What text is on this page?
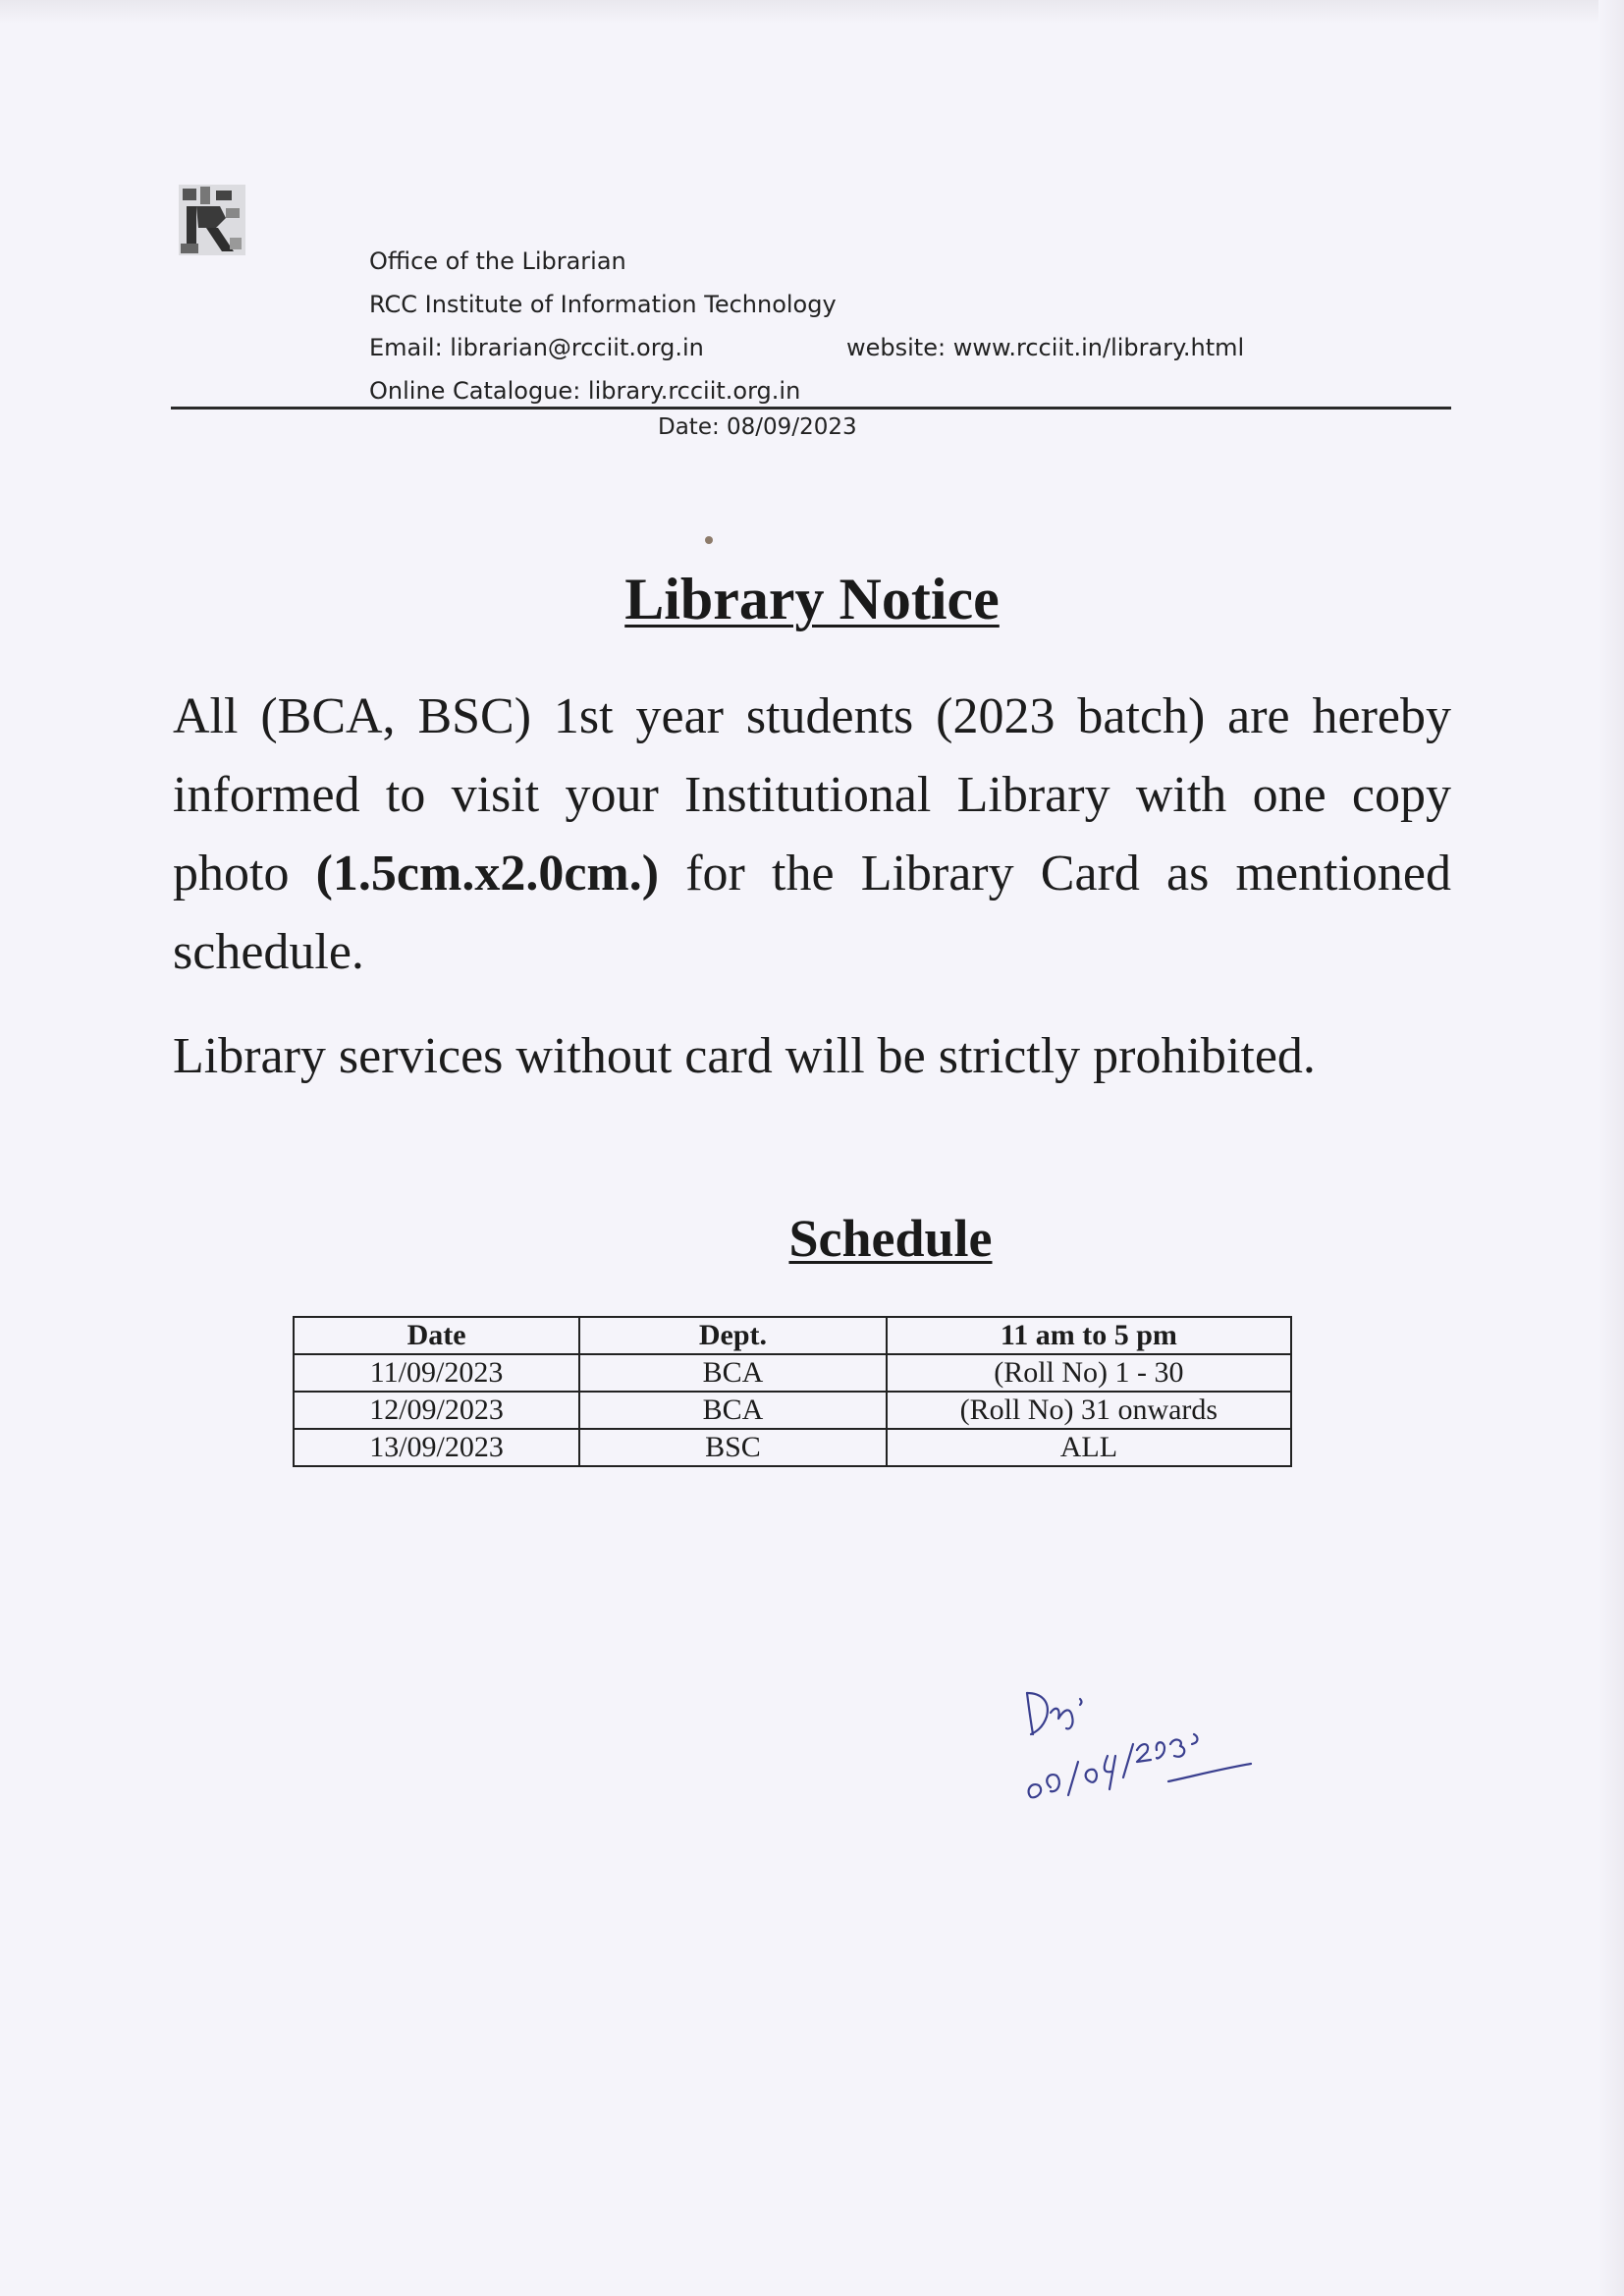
Office of the Librarian
RCC Institute of Information Technology
Email: librarian@rcciit.org.in	website: www.rcciit.in/library.html
Online Catalogue: library.rcciit.org.in
Date: 08/09/2023
Library Notice

All (BCA, BSC) 1st year students (2023 batch) are hereby informed to visit your Institutional Library with one copy photo (1.5cm.x2.0cm.) for the Library Card as mentioned schedule.

Library services without card will be strictly prohibited.

Schedule
Date	Dept.	11 am to 5 pm
11/09/2023	BCA	(Roll No) 1 - 30
12/09/2023	BCA	(Roll No) 31 onwards
13/09/2023	BSC	ALL
